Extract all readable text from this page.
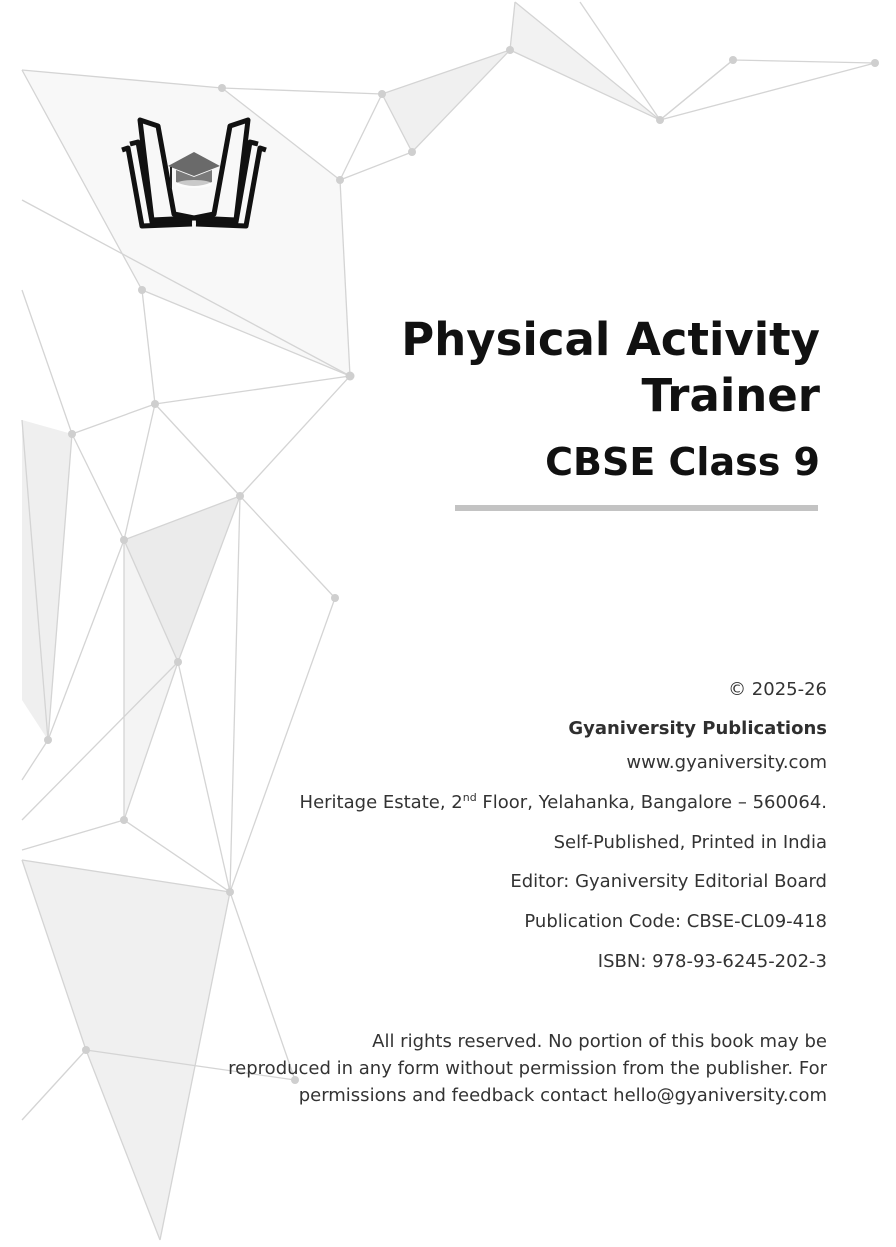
Physical Activity
Trainer
CBSE Class 9
© 2025-26
Gyaniversity Publications
www.gyaniversity.com
Heritage Estate, 2nd Floor, Yelahanka, Bangalore – 560064.
Self-Published, Printed in India
Editor: Gyaniversity Editorial Board
Publication Code: CBSE-CL09-418
ISBN: 978-93-6245-202-3
All rights reserved. No portion of this book may be
reproduced in any form without permission from the publisher. For
permissions and feedback contact hello@gyaniversity.com
